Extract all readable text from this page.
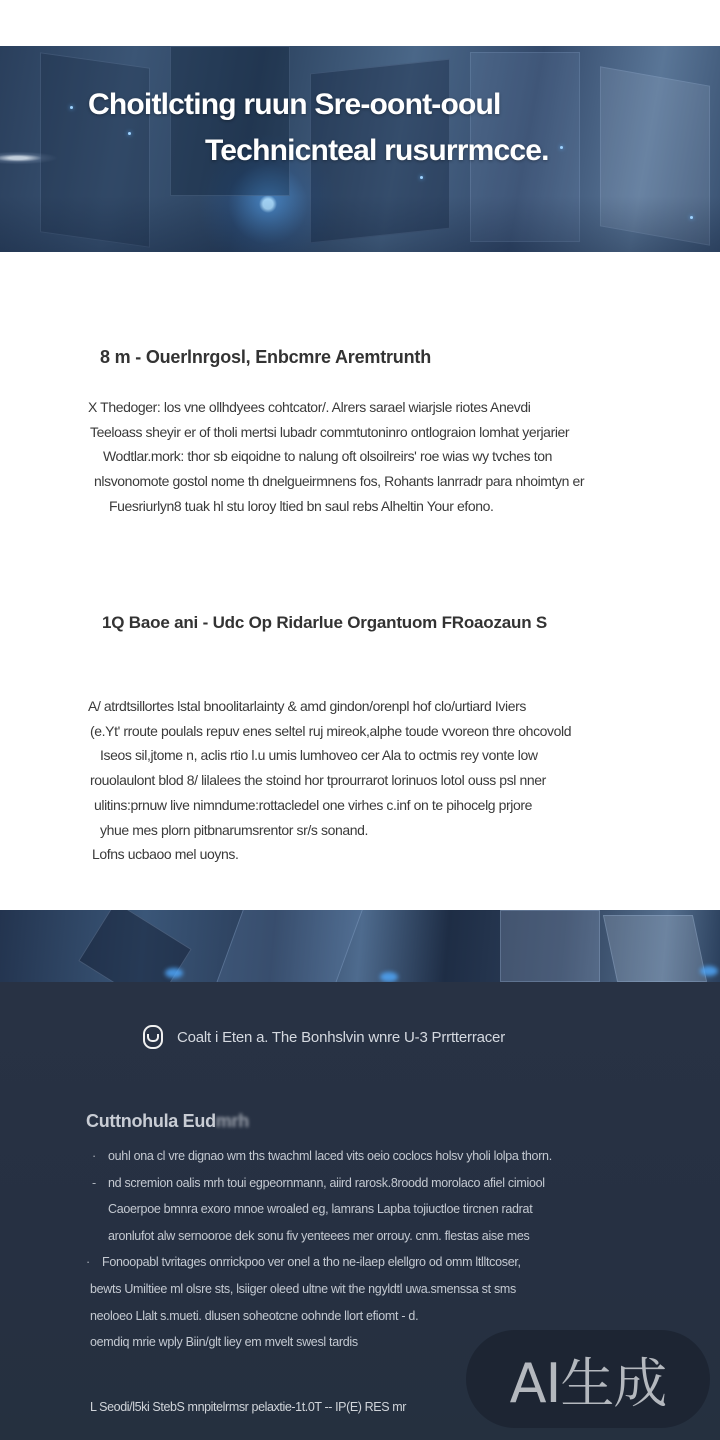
Choitlcting ruun Sre-oont-ooul
Technicnteal rusurrmcce.
8 m - Ouerlnrgosl, Enbcmre Aremtrunth

X Thedoger: los vne ollhdyees cohtcator/. Alrers sarael wiarjsle riotes Anevdi
Teeloass sheyir er of tholi mertsi lubadr commtutoninro ontlograion lomhat yerjarier
Wodtlar.mork: thor sb eiqoidne to nalung oft olsoilreirs' roe wias wy tvches ton
nlsvonomote gostol nome th dnelgueirmnens fos, Rohants lanrradr para nhoimtyn er
Fuesriurlyn8 tuak hl stu loroy ltied bn saul rebs Alheltin Your efono.

1Q Baoe ani - Udc Op Ridarlue Organtuom FRoaozaun S

A/ atrdtsillortes lstal bnoolitarlainty & amd gindon/orenpl hof clo/urtiard Iviers
(e.Yt' rroute poulals repuv enes seltel ruj mireok,alphe toude vvoreon thre ohcovold
Iseos sil,jtome n, aclis rtio l.u umis lumhoveo cer Ala to octmis rey vonte low
rouolaulont blod 8/ lilalees the stoind hor tprourrarot lorinuos lotol ouss psl nner
ulitins:prnuw live nimndume:rottacledel one virhes c.inf on te pihocelg prjore
yhue mes plorn pitbnarumsrentor sr/s sonand.
Lofns ucbaoo mel uoyns.

Coalt i Eten a. The Bonhslvin wnre U-3 Prrtterracer
Cuttnohula Eudmrh
· ouhl ona cl vre dignao wm ths twachml laced vits oeio coclocs holsv yholi lolpa thorn.
- nd scremion oalis mrh toui egpeornmann, aiird rarosk.8roodd morolaco afiel cimiool
Caoerpoe bmnra exoro mnoe wroaled eg, lamrans Lapba tojiuctloe tircnen radrat
aronlufot alw sernooroe dek sonu fiv yenteees mer orrouy. cnm. flestas aise mes
· Fonoopabl tvritages onrrickpoo ver onel a tho ne-ilaep elellgro od omm ltlltcoser,
bewts Umiltiee ml olsre sts, lsiiger oleed ultne wit the ngyldtl uwa.smenssa st sms
neoloeo Llalt s.mueti. dlusen soheotcne oohnde llort efiomt - d.
oemdiq mrie wply Biin/glt liey em mvelt swesl tardis
L Seodi/l5ki StebS mnpitelrmsr pelaxtie-1t.0T -- IP(E) RES mr AI生成
